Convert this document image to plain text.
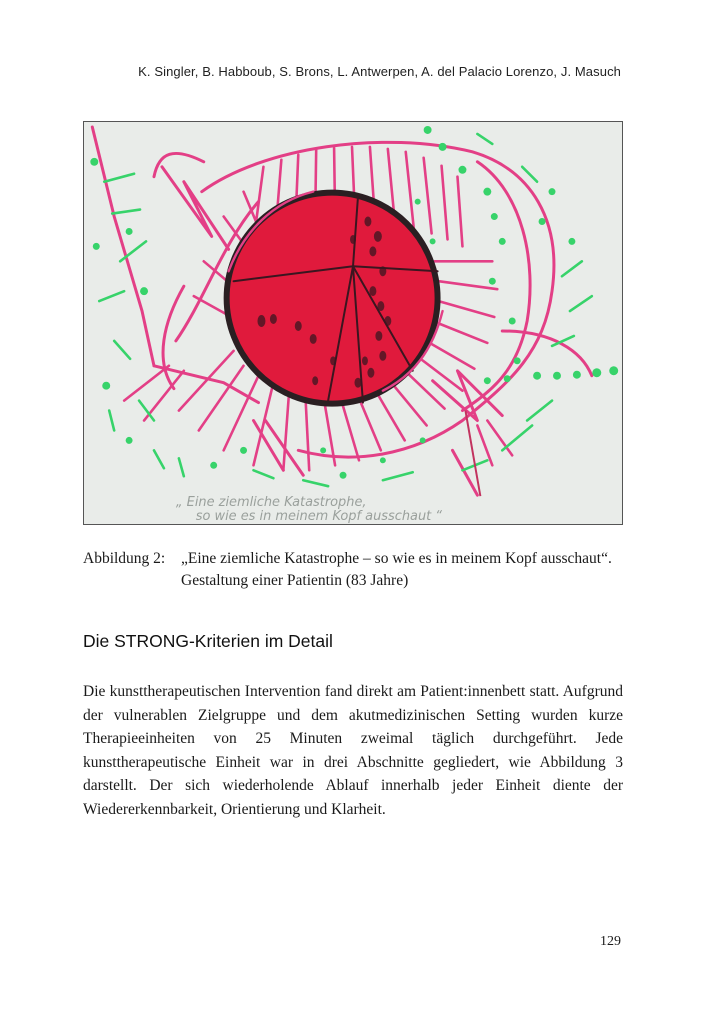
K. Singler, B. Habboub, S. Brons, L. Antwerpen, A. del Palacio Lorenzo, J. Masuch
„ Eine ziemliche Katastrophe,
so wie es in meinem Kopf ausschaut “
Abbildung 2:	„Eine ziemliche Katastrophe – so wie es in meinem Kopf ausschaut“. Gestaltung einer Patientin (83 Jahre)
Die STRONG-Kriterien im Detail

Die kunsttherapeutischen Intervention fand direkt am Patient:innenbett statt. Aufgrund der vulnerablen Zielgruppe und dem akutmedizinischen Setting wurden kurze Therapieeinheiten von 25 Minuten zweimal täglich durchgeführt. Jede kunsttherapeutische Einheit war in drei Abschnitte gegliedert, wie Abbildung 3 darstellt. Der sich wiederholende Ablauf innerhalb jeder Einheit diente der Wiedererkennbarkeit, Orientierung und Klarheit.

129
